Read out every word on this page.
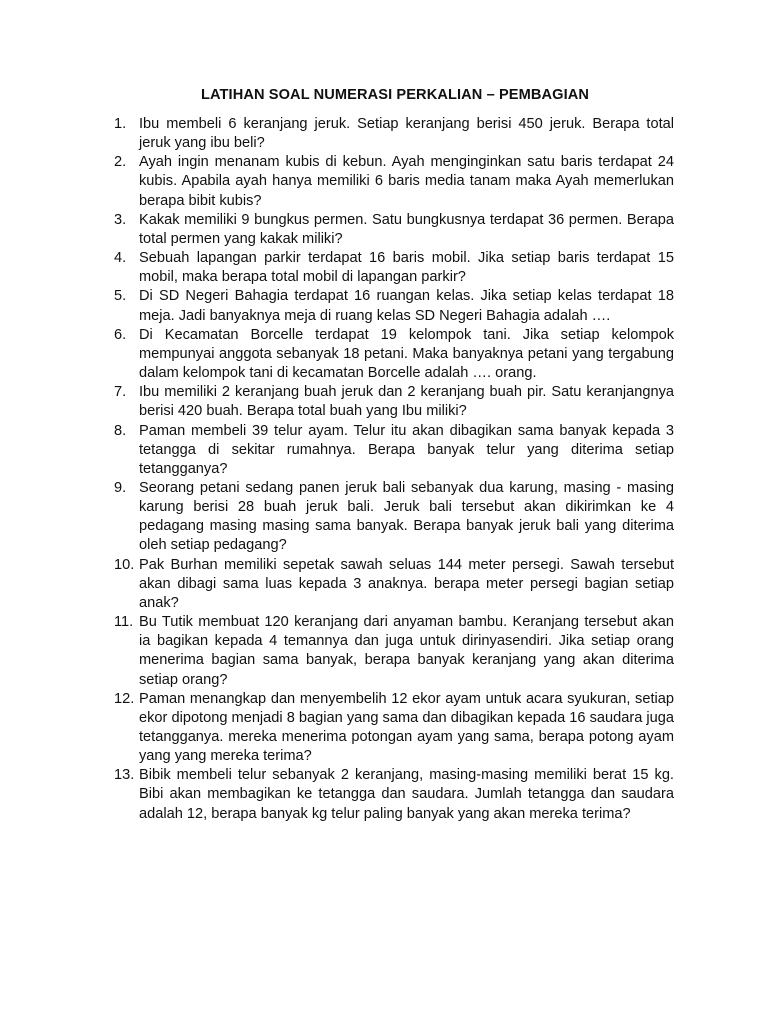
LATIHAN SOAL NUMERASI PERKALIAN – PEMBAGIAN
1. Ibu membeli 6 keranjang jeruk. Setiap keranjang berisi 450 jeruk. Berapa total jeruk yang ibu beli?
2. Ayah ingin menanam kubis di kebun. Ayah menginginkan satu baris terdapat 24 kubis. Apabila ayah hanya memiliki 6 baris media tanam maka Ayah memerlukan berapa bibit kubis?
3. Kakak memiliki 9 bungkus permen. Satu bungkusnya terdapat 36 permen. Berapa total permen yang kakak miliki?
4. Sebuah lapangan parkir terdapat 16 baris mobil. Jika setiap baris terdapat 15 mobil, maka berapa total mobil di lapangan parkir?
5. Di SD Negeri Bahagia terdapat 16 ruangan kelas. Jika setiap kelas terdapat 18 meja. Jadi banyaknya meja di ruang kelas SD Negeri Bahagia adalah ….
6. Di Kecamatan Borcelle terdapat 19 kelompok tani. Jika setiap kelompok mempunyai anggota sebanyak 18 petani. Maka banyaknya petani yang tergabung dalam kelompok tani di kecamatan Borcelle adalah …. orang.
7. Ibu memiliki 2 keranjang buah jeruk dan 2 keranjang buah pir. Satu keranjangnya berisi 420 buah. Berapa total buah yang Ibu miliki?
8. Paman membeli 39 telur ayam. Telur itu akan dibagikan sama banyak kepada 3 tetangga di sekitar rumahnya. Berapa banyak telur yang diterima setiap tetangganya?
9. Seorang petani sedang panen jeruk bali sebanyak dua karung, masing - masing karung berisi 28 buah jeruk bali. Jeruk bali tersebut akan dikirimkan ke 4 pedagang masing masing sama banyak. Berapa banyak jeruk bali yang diterima oleh setiap pedagang?
10. Pak Burhan memiliki sepetak sawah seluas 144 meter persegi. Sawah tersebut akan dibagi sama luas kepada 3 anaknya. berapa meter persegi bagian setiap anak?
11. Bu Tutik membuat 120 keranjang dari anyaman bambu. Keranjang tersebut akan ia bagikan kepada 4 temannya dan juga untuk dirinyasendiri. Jika setiap orang menerima bagian sama banyak, berapa banyak keranjang yang akan diterima setiap orang?
12. Paman menangkap dan menyembelih 12 ekor ayam untuk acara syukuran, setiap ekor dipotong menjadi 8 bagian yang sama dan dibagikan kepada 16 saudara juga tetangganya. mereka menerima potongan ayam yang sama, berapa potong ayam yang yang mereka terima?
13. Bibik membeli telur sebanyak 2 keranjang, masing-masing memiliki berat 15 kg. Bibi akan membagikan ke tetangga dan saudara. Jumlah tetangga dan saudara adalah 12, berapa banyak kg telur paling banyak yang akan mereka terima?
